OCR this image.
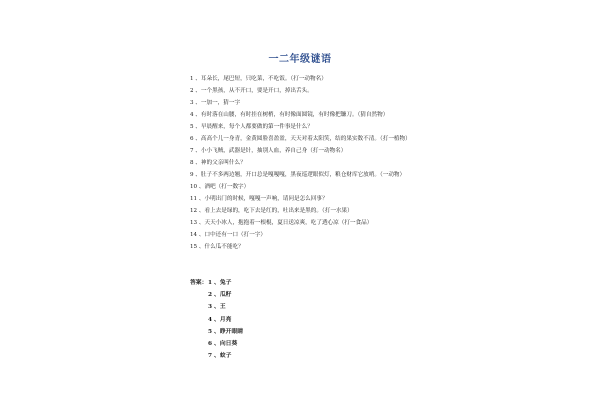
一二年级谜语
1 、耳朵长，尾巴短，只吃菜，不吃饭。（打一动物名）
2 、一个黑孩，从不开口，要是开口，掉出舌头。
3 、一加一，猜一字
4 、有时落在山腰，有时挂在树梢，有时像面圆镜，有时像把镰刀。（猜自然物）
5 、早晨醒来，每个人都要做的第一件事是什么？
6 、高高个儿一身青，金黄圆脸喜盈盈，天天对着太阳笑，结的果实数不清。（打一植物）
7 、小小飞贼，武器是针，抽别人血，养自己身（打一动物名）
8 、神的父亲叫什么？
9 、肚子不多两边翘，开口总是嘎嘎嘎，黑夜巡逻眼似灯，粮仓财库它放哨。（一动物）
10 、酒吧（打一数字）
11 、小明出门的时候，嘎嘎一声响，请问是怎么回事？
12 、看上去是绿的，吃下去是红的，吐出来是黑的。（打一水果）
13 、天天小冰人，抱抱着一根棍，夏日送凉爽，吃了透心凉（打一食品）
14 、口中还有一口（打一字）
15 、什么瓜不能吃？
答案： 1 、兔子
2 、瓜籽
3 、王
4 、月亮
5 、睁开眼睛
6 、向日葵
7 、蚊子
